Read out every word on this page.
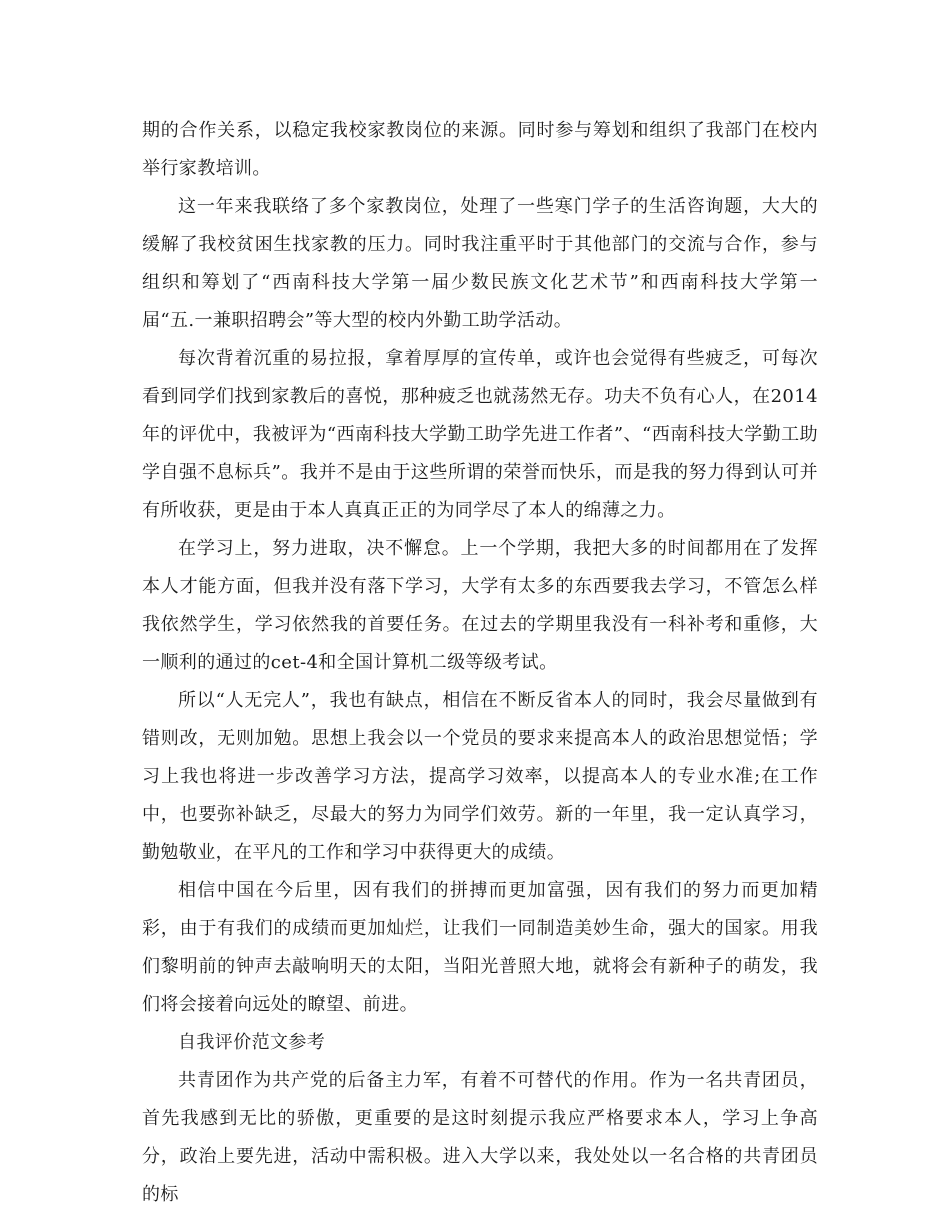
期的合作关系，以稳定我校家教岗位的来源。同时参与筹划和组织了我部门在校内举行家教培训。

这一年来我联络了多个家教岗位，处理了一些寒门学子的生活咨询题，大大的缓解了我校贫困生找家教的压力。同时我注重平时于其他部门的交流与合作，参与组织和筹划了“西南科技大学第一届少数民族文化艺术节”和西南科技大学第一届“五.一兼职招聘会”等大型的校内外勤工助学活动。

每次背着沉重的易拉报，拿着厚厚的宣传单，或许也会觉得有些疲乏，可每次看到同学们找到家教后的喜悦，那种疲乏也就荡然无存。功夫不负有心人，在2014年的评优中，我被评为“西南科技大学勤工助学先进工作者”、“西南科技大学勤工助学自强不息标兵”。我并不是由于这些所谓的荣誉而快乐，而是我的努力得到认可并有所收获，更是由于本人真真正正的为同学尽了本人的绵薄之力。

在学习上，努力进取，决不懈怠。上一个学期，我把大多的时间都用在了发挥本人才能方面，但我并没有落下学习，大学有太多的东西要我去学习，不管怎么样我依然学生，学习依然我的首要任务。在过去的学期里我没有一科补考和重修，大一顺利的通过的cet-4和全国计算机二级等级考试。

所以“人无完人”，我也有缺点，相信在不断反省本人的同时，我会尽量做到有错则改，无则加勉。思想上我会以一个党员的要求来提高本人的政治思想觉悟；学习上我也将进一步改善学习方法，提高学习效率，以提高本人的专业水准;在工作中，也要弥补缺乏，尽最大的努力为同学们效劳。新的一年里，我一定认真学习，勤勉敬业，在平凡的工作和学习中获得更大的成绩。

相信中国在今后里，因有我们的拼搏而更加富强，因有我们的努力而更加精彩，由于有我们的成绩而更加灿烂，让我们一同制造美妙生命，强大的国家。用我们黎明前的钟声去敲响明天的太阳，当阳光普照大地，就将会有新种子的萌发，我们将会接着向远处的瞭望、前进。

自我评价范文参考

共青团作为共产党的后备主力军，有着不可替代的作用。作为一名共青团员，首先我感到无比的骄傲，更重要的是这时刻提示我应严格要求本人，学习上争高分，政治上要先进，活动中需积极。进入大学以来，我处处以一名合格的共青团员的标
